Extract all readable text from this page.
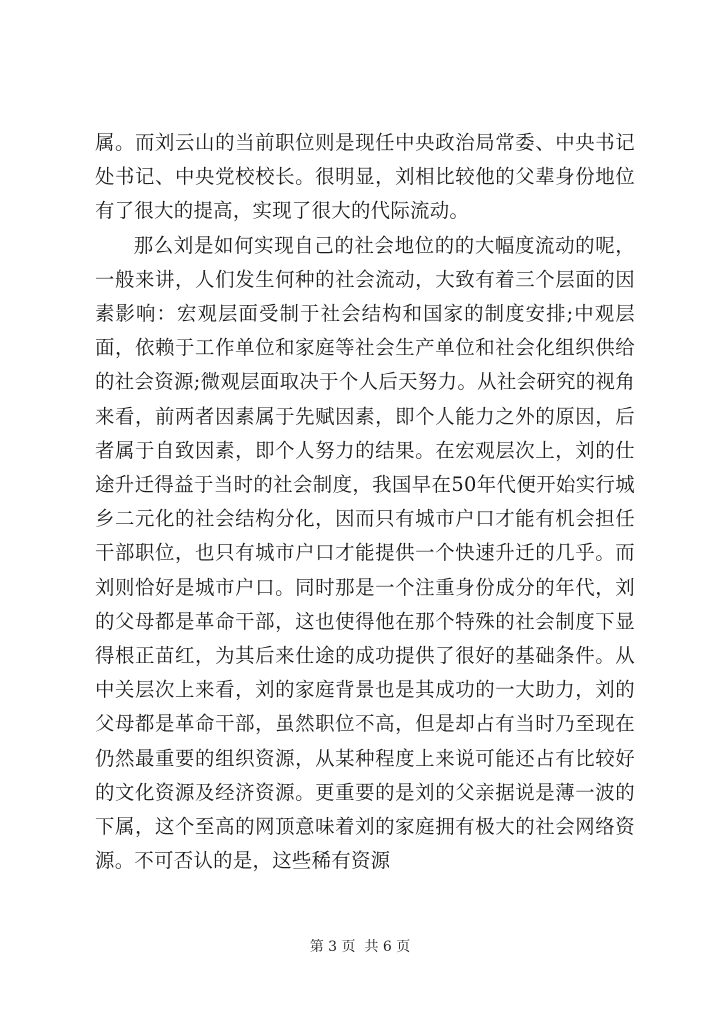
属。而刘云山的当前职位则是现任中央政治局常委、中央书记处书记、中央党校校长。很明显，刘相比较他的父辈身份地位有了很大的提高，实现了很大的代际流动。

那么刘是如何实现自己的社会地位的的大幅度流动的呢，一般来讲，人们发生何种的社会流动，大致有着三个层面的因素影响：宏观层面受制于社会结构和国家的制度安排;中观层面，依赖于工作单位和家庭等社会生产单位和社会化组织供给的社会资源;微观层面取决于个人后天努力。从社会研究的视角来看，前两者因素属于先赋因素，即个人能力之外的原因，后者属于自致因素，即个人努力的结果。在宏观层次上，刘的仕途升迁得益于当时的社会制度，我国早在50年代便开始实行城乡二元化的社会结构分化，因而只有城市户口才能有机会担任干部职位，也只有城市户口才能提供一个快速升迁的几乎。而刘则恰好是城市户口。同时那是一个注重身份成分的年代，刘的父母都是革命干部，这也使得他在那个特殊的社会制度下显得根正苗红，为其后来仕途的成功提供了很好的基础条件。从中关层次上来看，刘的家庭背景也是其成功的一大助力，刘的父母都是革命干部，虽然职位不高，但是却占有当时乃至现在仍然最重要的组织资源，从某种程度上来说可能还占有比较好的文化资源及经济资源。更重要的是刘的父亲据说是薄一波的下属，这个至高的网顶意味着刘的家庭拥有极大的社会网络资源。不可否认的是，这些稀有资源

第 3 页  共 6 页
